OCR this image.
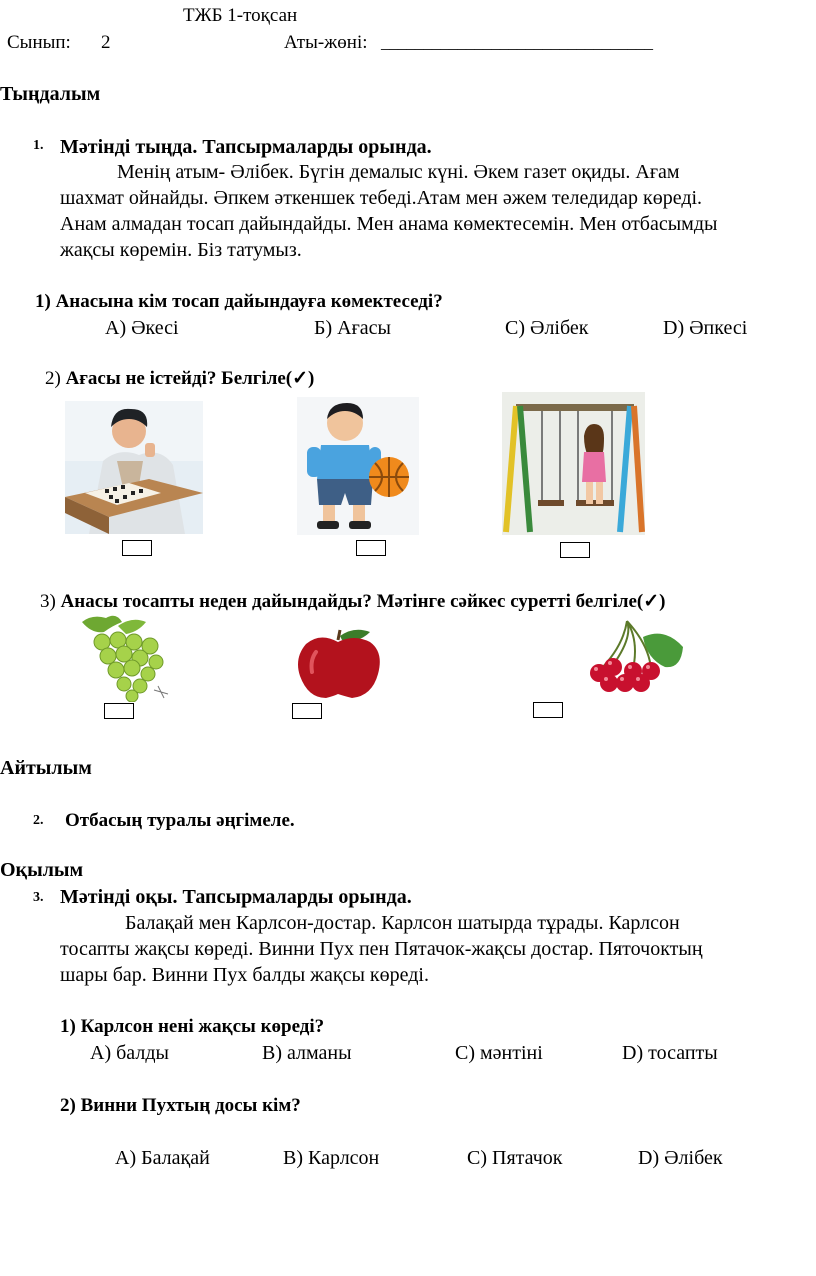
ТЖБ 1-тоқсан
Сынып: 2	Аты-жөні: ________________________________
Тыңдалым
1. Мәтінді тыңда. Тапсырмаларды орында.
Менің атым- Әлібек. Бүгін демалыс күні. Әкем газет оқиды. Ағам
шахмат ойнайды. Әпкем әткеншек тебеді.Атам мен әжем теледидар көреді.
Анам алмадан тосап дайындайды. Мен анама көмектесемін. Мен отбасымды
жақсы көремін. Біз татумыз.
1) Анасына кім тосап дайындауға көмектеседі?
А) Әкесі	Б) Ағасы	С) Әлібек	D) Әпкесі
2) Ағасы не істейді? Белгіле(✓)
3) Анасы тосапты неден дайындайды? Мәтінге сәйкес суретті белгіле(✓)
Айтылым
2. Отбасың туралы әңгімеле.
Оқылым
3. Мәтінді оқы. Тапсырмаларды орында.
Балақай мен Карлсон-достар. Карлсон шатырда тұрады. Карлсон
тосапты жақсы көреді. Винни Пух пен Пятачок-жақсы достар. Пяточоктың
шары бар. Винни Пух балды жақсы көреді.
1) Карлсон нені жақсы көреді?
А) балды	В) алманы	С) мәнтіні	D) тосапты
2) Винни Пухтың досы кім?
А) Балақай	В) Карлсон	С) Пятачок	D) Әлібек
